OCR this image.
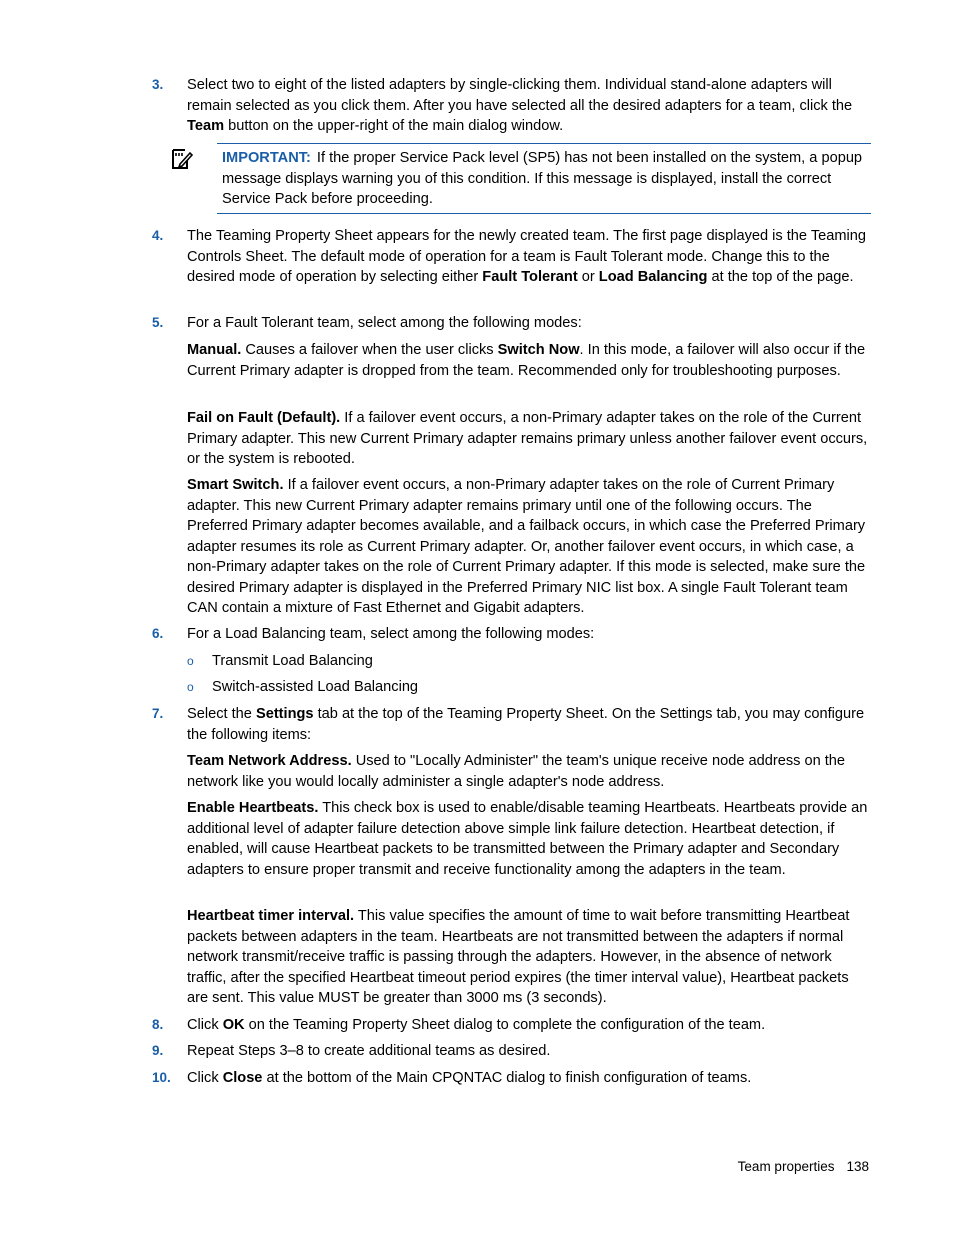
3.	Select two to eight of the listed adapters by single-clicking them. Individual stand-alone adapters will remain selected as you click them. After you have selected all the desired adapters for a team, click the Team button on the upper-right of the main dialog window.
IMPORTANT: If the proper Service Pack level (SP5) has not been installed on the system, a popup message displays warning you of this condition. If this message is displayed, install the correct Service Pack before proceeding.
4.	The Teaming Property Sheet appears for the newly created team. The first page displayed is the Teaming Controls Sheet. The default mode of operation for a team is Fault Tolerant mode. Change this to the desired mode of operation by selecting either Fault Tolerant or Load Balancing at the top of the page.
5.	For a Fault Tolerant team, select among the following modes:
Manual. Causes a failover when the user clicks Switch Now. In this mode, a failover will also occur if the Current Primary adapter is dropped from the team. Recommended only for troubleshooting purposes.
Fail on Fault (Default). If a failover event occurs, a non-Primary adapter takes on the role of the Current Primary adapter. This new Current Primary adapter remains primary unless another failover event occurs, or the system is rebooted.
Smart Switch. If a failover event occurs, a non-Primary adapter takes on the role of Current Primary adapter. This new Current Primary adapter remains primary until one of the following occurs. The Preferred Primary adapter becomes available, and a failback occurs, in which case the Preferred Primary adapter resumes its role as Current Primary adapter. Or, another failover event occurs, in which case, a non-Primary adapter takes on the role of Current Primary adapter. If this mode is selected, make sure the desired Primary adapter is displayed in the Preferred Primary NIC list box. A single Fault Tolerant team CAN contain a mixture of Fast Ethernet and Gigabit adapters.
6.	For a Load Balancing team, select among the following modes:
o Transmit Load Balancing
o Switch-assisted Load Balancing
7.	Select the Settings tab at the top of the Teaming Property Sheet. On the Settings tab, you may configure the following items:
Team Network Address. Used to "Locally Administer" the team's unique receive node address on the network like you would locally administer a single adapter's node address.
Enable Heartbeats. This check box is used to enable/disable teaming Heartbeats. Heartbeats provide an additional level of adapter failure detection above simple link failure detection. Heartbeat detection, if enabled, will cause Heartbeat packets to be transmitted between the Primary adapter and Secondary adapters to ensure proper transmit and receive functionality among the adapters in the team.
Heartbeat timer interval. This value specifies the amount of time to wait before transmitting Heartbeat packets between adapters in the team. Heartbeats are not transmitted between the adapters if normal network transmit/receive traffic is passing through the adapters. However, in the absence of network traffic, after the specified Heartbeat timeout period expires (the timer interval value), Heartbeat packets are sent. This value MUST be greater than 3000 ms (3 seconds).
8.	Click OK on the Teaming Property Sheet dialog to complete the configuration of the team.
9.	Repeat Steps 3–8 to create additional teams as desired.
10.	Click Close at the bottom of the Main CPQNTAC dialog to finish configuration of teams.
Team properties 138
